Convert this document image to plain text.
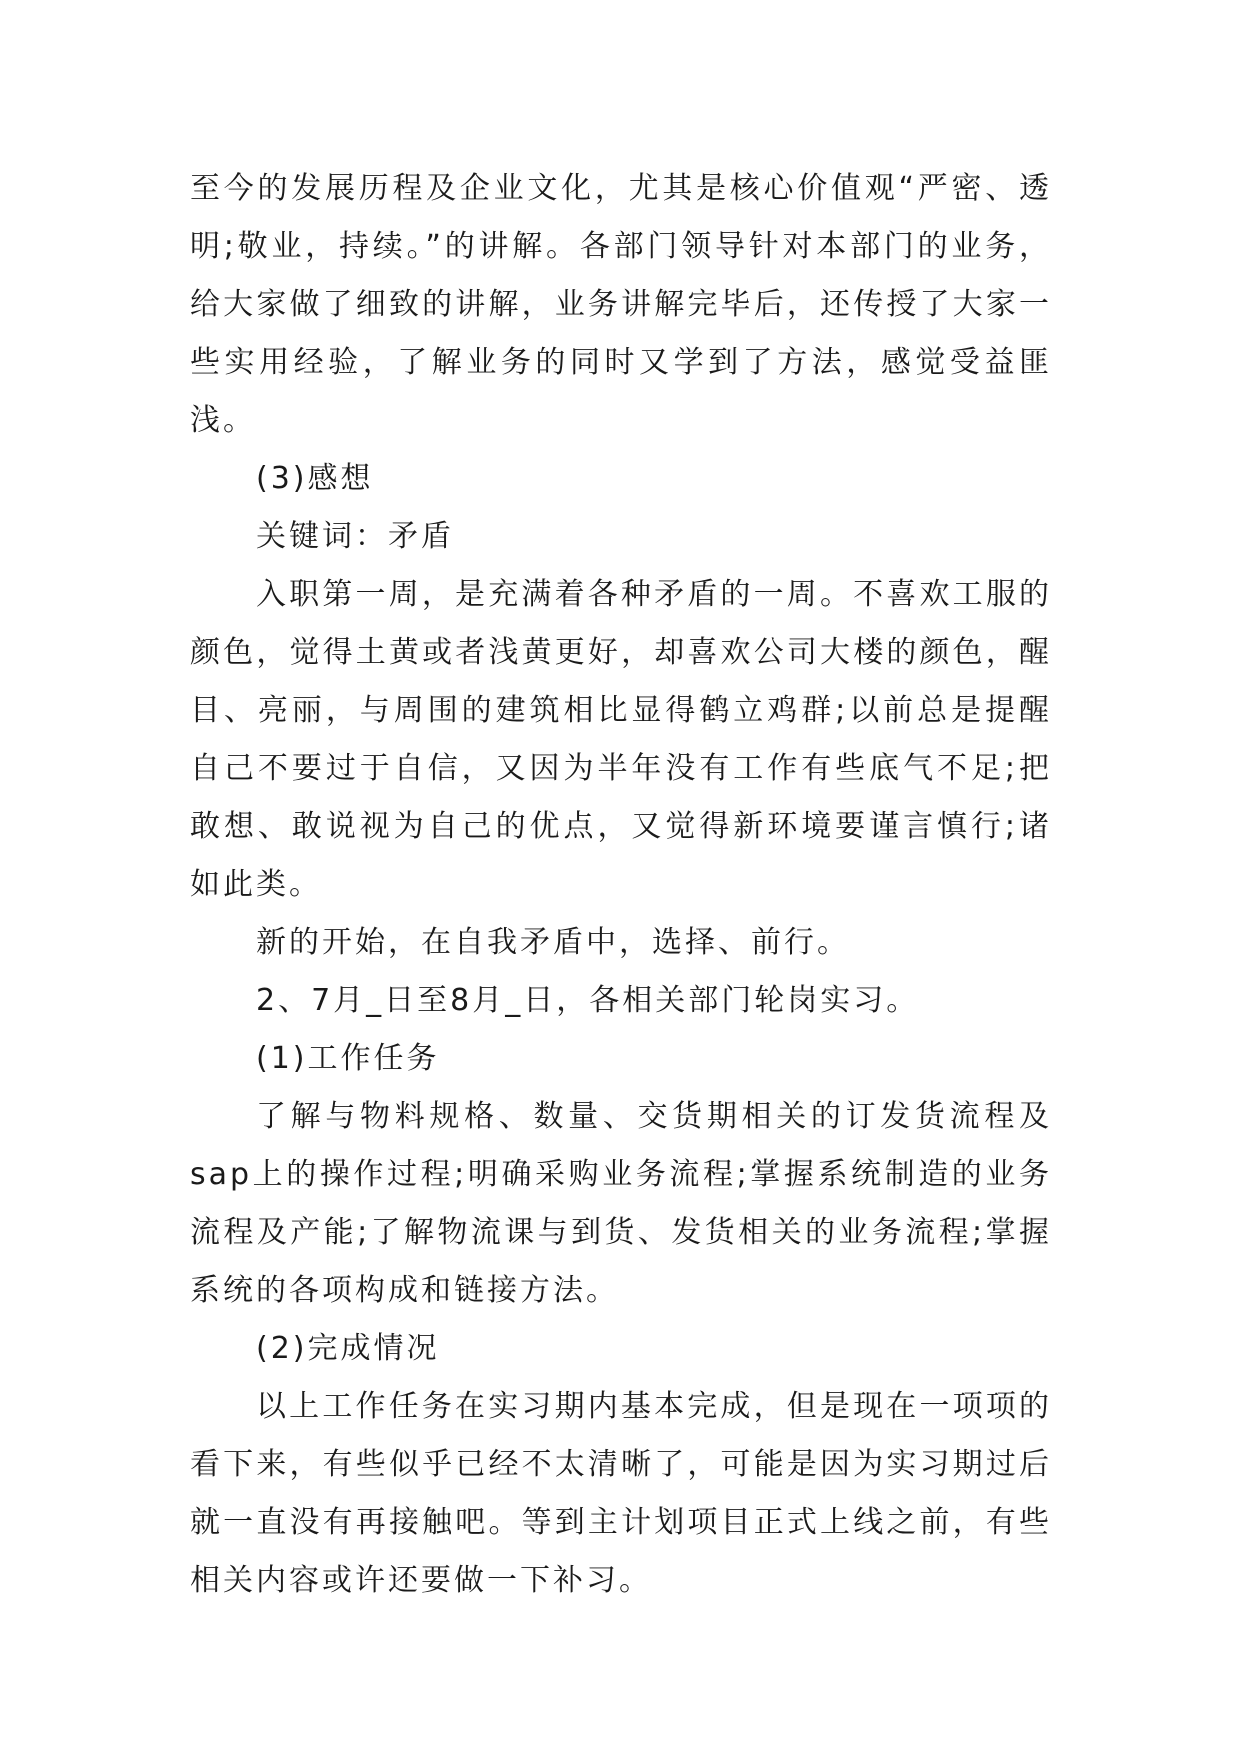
至今的发展历程及企业文化，尤其是核心价值观“严密、透明;敬业，持续。”的讲解。各部门领导针对本部门的业务，给大家做了细致的讲解，业务讲解完毕后，还传授了大家一些实用经验，了解业务的同时又学到了方法，感觉受益匪浅。

(3)感想

关键词：矛盾

入职第一周，是充满着各种矛盾的一周。不喜欢工服的颜色，觉得土黄或者浅黄更好，却喜欢公司大楼的颜色，醒目、亮丽，与周围的建筑相比显得鹤立鸡群;以前总是提醒自己不要过于自信，又因为半年没有工作有些底气不足;把敢想、敢说视为自己的优点，又觉得新环境要谨言慎行;诸如此类。

新的开始，在自我矛盾中，选择、前行。

2、7月_日至8月_日，各相关部门轮岗实习。

(1)工作任务

了解与物料规格、数量、交货期相关的订发货流程及sap上的操作过程;明确采购业务流程;掌握系统制造的业务流程及产能;了解物流课与到货、发货相关的业务流程;掌握系统的各项构成和链接方法。

(2)完成情况

以上工作任务在实习期内基本完成，但是现在一项项的看下来，有些似乎已经不太清晰了，可能是因为实习期过后就一直没有再接触吧。等到主计划项目正式上线之前，有些相关内容或许还要做一下补习。
